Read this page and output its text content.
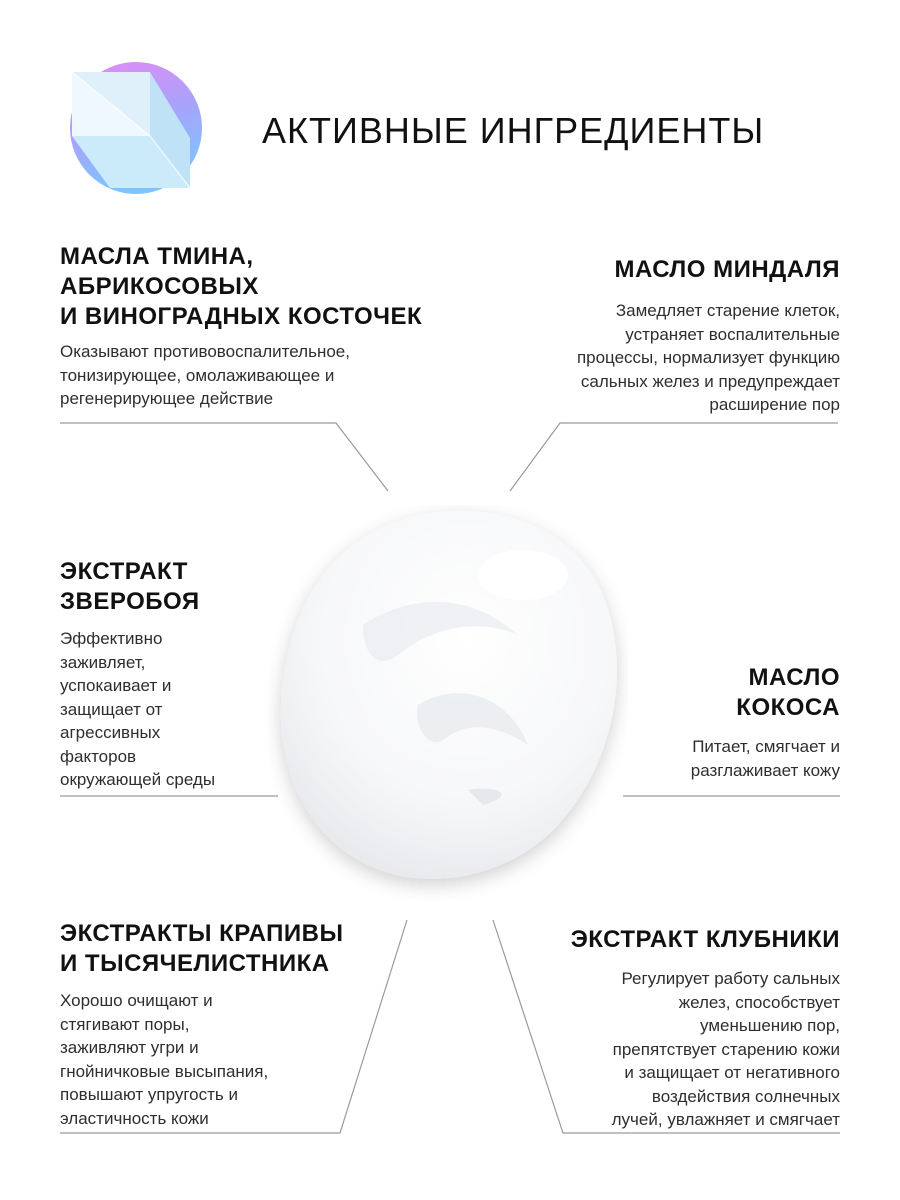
АКТИВНЫЕ ИНГРЕДИЕНТЫ
МАСЛА ТМИНА,
АБРИКОСОВЫХ
И ВИНОГРАДНЫХ КОСТОЧЕК

Оказывают противовоспалительное,
тонизирующее, омолаживающее и
регенерирующее действие

МАСЛО МИНДАЛЯ

Замедляет старение клеток,
устраняет воспалительные
процессы, нормализует функцию
сальных желез и предупреждает
расширение пор

ЭКСТРАКТ
ЗВЕРОБОЯ

Эффективно
заживляет,
успокаивает и
защищает от
агрессивных
факторов
окружающей среды

МАСЛО
КОКОСА

Питает, смягчает и
разглаживает кожу

ЭКСТРАКТЫ КРАПИВЫ
И ТЫСЯЧЕЛИСТНИКА

Хорошо очищают и
стягивают поры,
заживляют угри и
гнойничковые высыпания,
повышают упругость и
эластичность кожи

ЭКСТРАКТ КЛУБНИКИ

Регулирует работу сальных
желез, способствует
уменьшению пор,
препятствует старению кожи
и защищает от негативного
воздействия солнечных
лучей, увлажняет и смягчает
